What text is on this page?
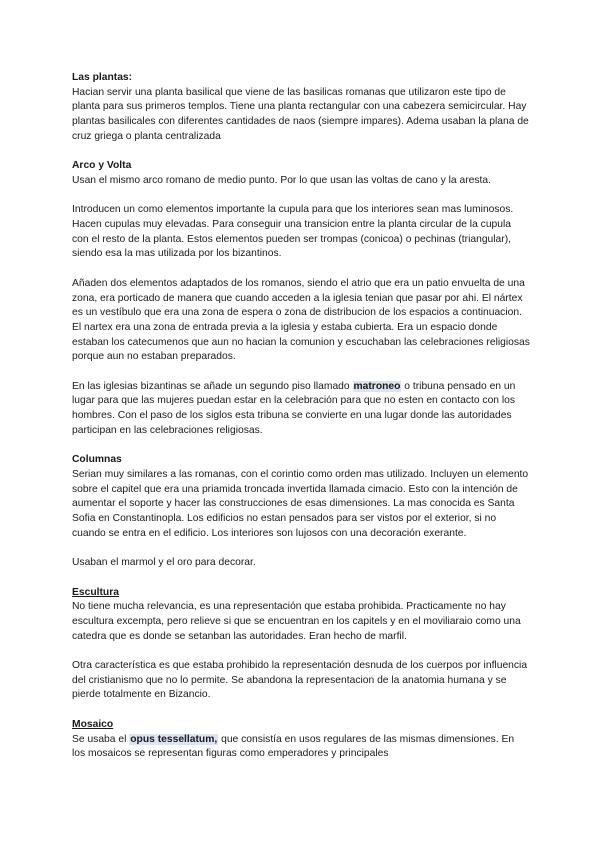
Las plantas:

Hacian servir una planta basilical que viene de las basilicas romanas que utilizaron este tipo de planta para sus primeros templos. Tiene una planta rectangular con una cabezera semicircular. Hay plantas basilicales con diferentes cantidades de naos (siempre impares). Adema usaban la plana de cruz griega o planta centralizada

Arco y Volta

Usan el mismo arco romano de medio punto. Por lo que usan las voltas de cano y la aresta.

Introducen un como elementos importante la cupula para que los interiores sean mas luminosos. Hacen cupulas muy elevadas. Para conseguir una transicion entre la planta circular de la cupula con el resto de la planta. Estos elementos pueden ser trompas (conicoa) o pechinas (triangular), siendo esa la mas utilizada por los bizantinos.

Añaden dos elementos adaptados de los romanos, siendo el atrio que era un patio envuelta de una zona, era porticado de manera que cuando acceden a la iglesia tenian que pasar por ahi. El nártex es un vestíbulo que era una zona de espera o zona de distribucion de los espacios a continuacion. El nartex era una zona de entrada previa a la iglesia y estaba cubierta. Era un espacio donde estaban los catecumenos que aun no hacian la comunion y escuchaban las celebraciones religiosas porque aun no estaban preparados.

En las iglesias bizantinas se añade un segundo piso llamado matroneo o tribuna pensado en un lugar para que las mujeres puedan estar en la celebración para que no esten en contacto con los hombres. Con el paso de los siglos esta tribuna se convierte en una lugar donde las autoridades participan en las celebraciones religiosas.

Columnas

Serian muy similares a las romanas, con el corintio como orden mas utilizado. Incluyen un elemento sobre el capitel que era una priamida troncada invertida llamada cimacio. Esto con la intención de aumentar el soporte y hacer las construcciones de esas dimensiones. La mas conocida es Santa Sofia en Constantinopla. Los edificios no estan pensados para ser vistos por el exterior, si no cuando se entra en el edificio. Los interiores son lujosos con una decoración exerante.

Usaban el marmol y el oro para decorar.

Escultura

No tiene mucha relevancia, es una representación que estaba prohibida. Practicamente no hay escultura excempta, pero relieve si que se encuentran en los capitels y en el moviliaraio como una catedra que es donde se setanban las autoridades. Eran hecho de marfil.

Otra característica es que estaba prohibido la representación desnuda de los cuerpos por influencia del cristianismo que no lo permite. Se abandona la representacion de la anatomia humana y se pierde totalmente en Bizancio.

Mosaico

Se usaba el opus tessellatum, que consistía en usos regulares de las mismas dimensiones. En los mosaicos se representan figuras como emperadores y principales
